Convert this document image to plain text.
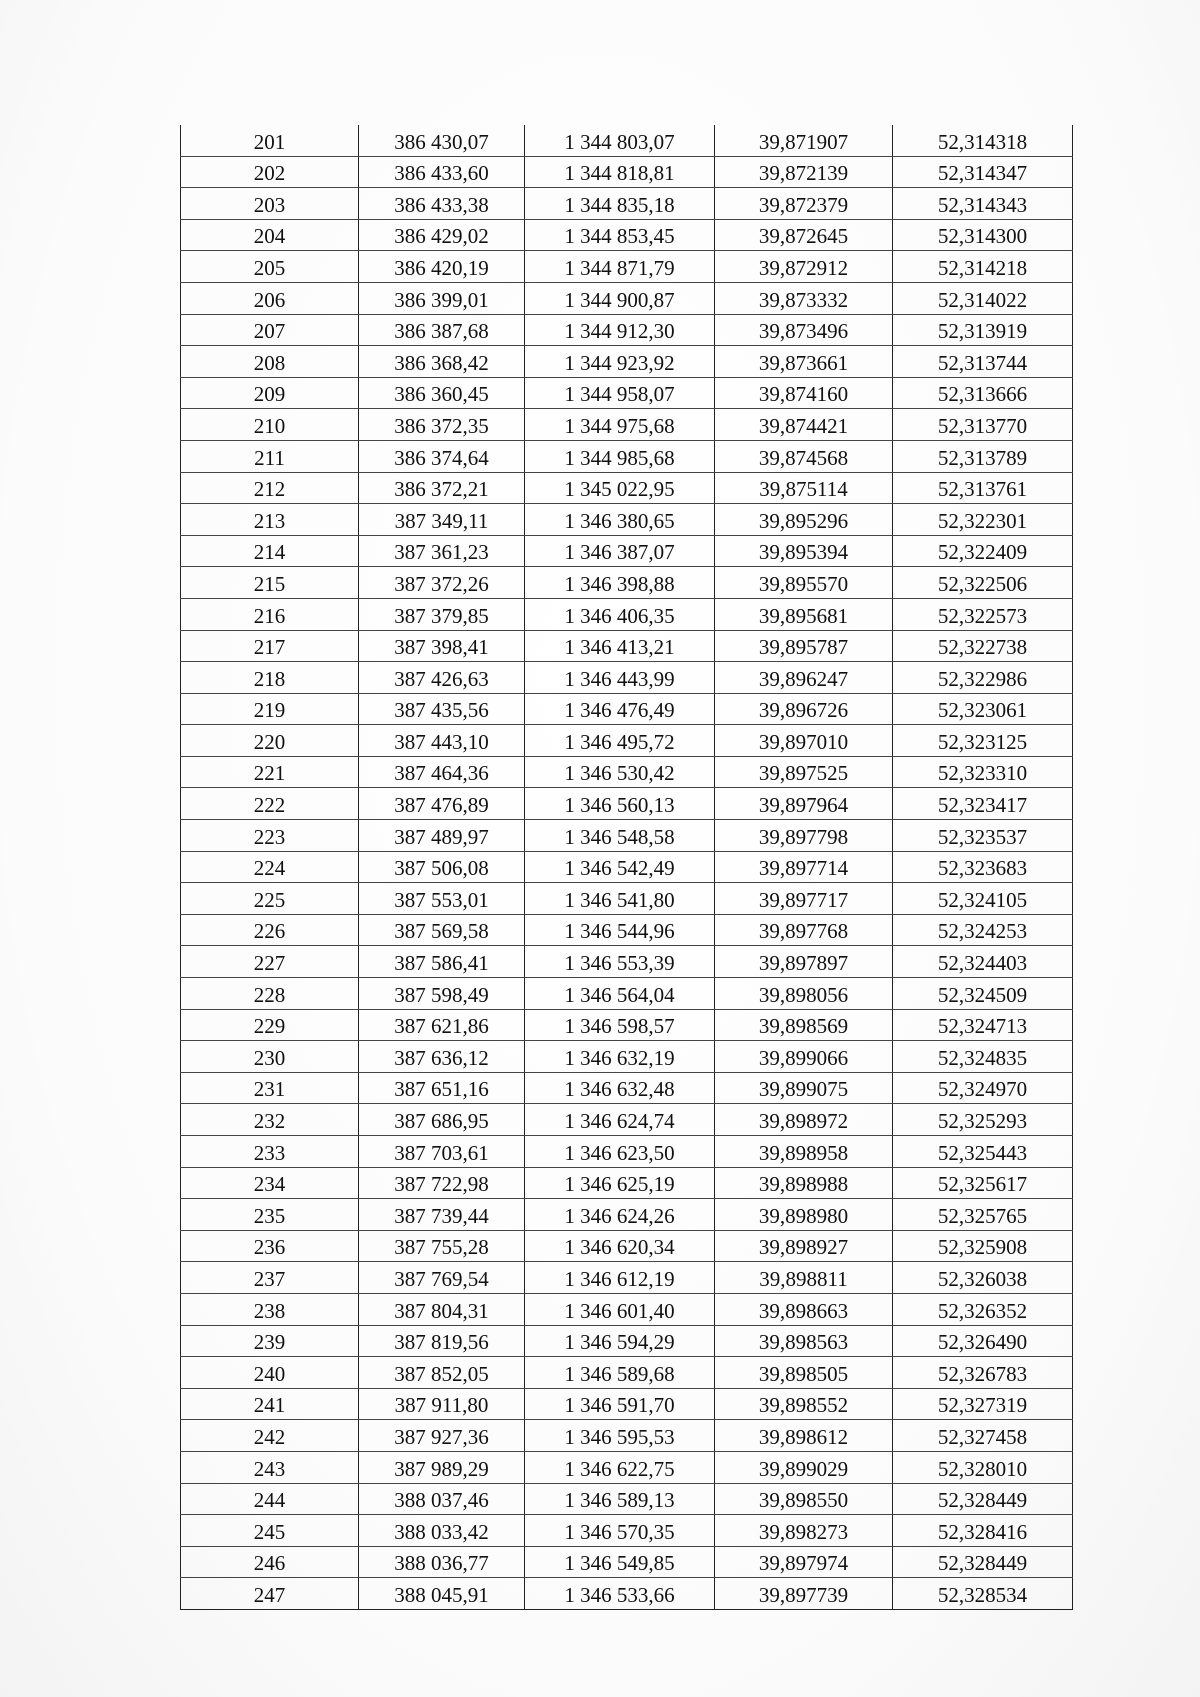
201	386 430,07	1 344 803,07	39,871907	52,314318
202	386 433,60	1 344 818,81	39,872139	52,314347
203	386 433,38	1 344 835,18	39,872379	52,314343
204	386 429,02	1 344 853,45	39,872645	52,314300
205	386 420,19	1 344 871,79	39,872912	52,314218
206	386 399,01	1 344 900,87	39,873332	52,314022
207	386 387,68	1 344 912,30	39,873496	52,313919
208	386 368,42	1 344 923,92	39,873661	52,313744
209	386 360,45	1 344 958,07	39,874160	52,313666
210	386 372,35	1 344 975,68	39,874421	52,313770
211	386 374,64	1 344 985,68	39,874568	52,313789
212	386 372,21	1 345 022,95	39,875114	52,313761
213	387 349,11	1 346 380,65	39,895296	52,322301
214	387 361,23	1 346 387,07	39,895394	52,322409
215	387 372,26	1 346 398,88	39,895570	52,322506
216	387 379,85	1 346 406,35	39,895681	52,322573
217	387 398,41	1 346 413,21	39,895787	52,322738
218	387 426,63	1 346 443,99	39,896247	52,322986
219	387 435,56	1 346 476,49	39,896726	52,323061
220	387 443,10	1 346 495,72	39,897010	52,323125
221	387 464,36	1 346 530,42	39,897525	52,323310
222	387 476,89	1 346 560,13	39,897964	52,323417
223	387 489,97	1 346 548,58	39,897798	52,323537
224	387 506,08	1 346 542,49	39,897714	52,323683
225	387 553,01	1 346 541,80	39,897717	52,324105
226	387 569,58	1 346 544,96	39,897768	52,324253
227	387 586,41	1 346 553,39	39,897897	52,324403
228	387 598,49	1 346 564,04	39,898056	52,324509
229	387 621,86	1 346 598,57	39,898569	52,324713
230	387 636,12	1 346 632,19	39,899066	52,324835
231	387 651,16	1 346 632,48	39,899075	52,324970
232	387 686,95	1 346 624,74	39,898972	52,325293
233	387 703,61	1 346 623,50	39,898958	52,325443
234	387 722,98	1 346 625,19	39,898988	52,325617
235	387 739,44	1 346 624,26	39,898980	52,325765
236	387 755,28	1 346 620,34	39,898927	52,325908
237	387 769,54	1 346 612,19	39,898811	52,326038
238	387 804,31	1 346 601,40	39,898663	52,326352
239	387 819,56	1 346 594,29	39,898563	52,326490
240	387 852,05	1 346 589,68	39,898505	52,326783
241	387 911,80	1 346 591,70	39,898552	52,327319
242	387 927,36	1 346 595,53	39,898612	52,327458
243	387 989,29	1 346 622,75	39,899029	52,328010
244	388 037,46	1 346 589,13	39,898550	52,328449
245	388 033,42	1 346 570,35	39,898273	52,328416
246	388 036,77	1 346 549,85	39,897974	52,328449
247	388 045,91	1 346 533,66	39,897739	52,328534
